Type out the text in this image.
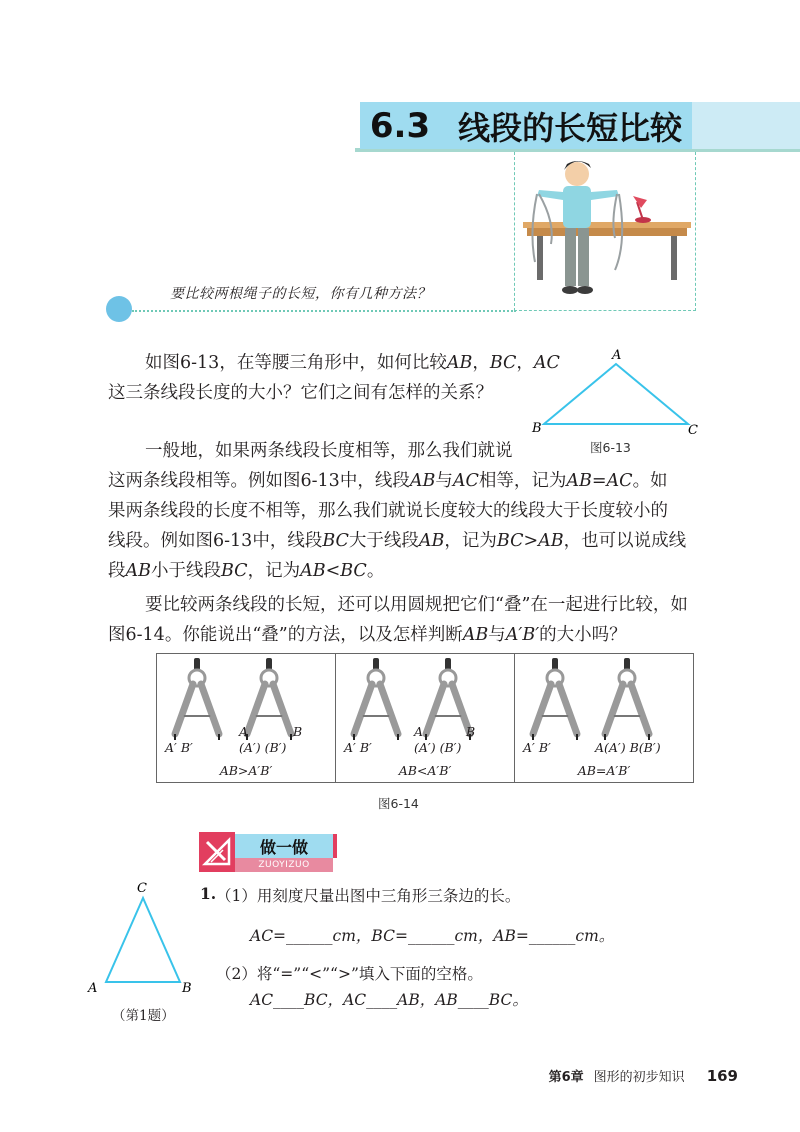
6.3 线段的长短比较
要比较两根绳子的长短，你有几种方法？

如图6-13，在等腰三角形中，如何比较AB，BC，AC

这三条线段长度的大小？它们之间有怎样的关系？

A
B	C
图6-13

一般地，如果两条线段长度相等，那么我们就说

这两条线段相等。例如图6-13中，线段AB与AC相等，记为AB=AC。如

果两条线段的长度不相等，那么我们就说长度较大的线段大于长度较小的

线段。例如图6-13中，线段BC大于线段AB，记为BC>AB，也可以说成线

段AB小于线段BC，记为AB<BC。

要比较两条线段的长短，还可以用圆规把它们“叠”在一起进行比较，如

图6-14。你能说出“叠”的方法，以及怎样判断AB与A′B′的大小吗？

A′ B′	(A′) (B′)
A	B
AB>A′B′
A′ B′	(A′) (B′)
A	B
AB<A′B′
A′ B′	A(A′) B(B′)
AB=A′B′
图6-14
做一做
ZUOYIZUO
C
A	B
（第1题）
1. （1）用刻度尺量出图中三角形三条边的长。
AC=______cm，BC=______cm，AB=______cm。
（2）将“=”“<”“>”填入下面的空格。
AC____BC，AC____AB，AB____BC。
第6章 图形的初步知识 169
